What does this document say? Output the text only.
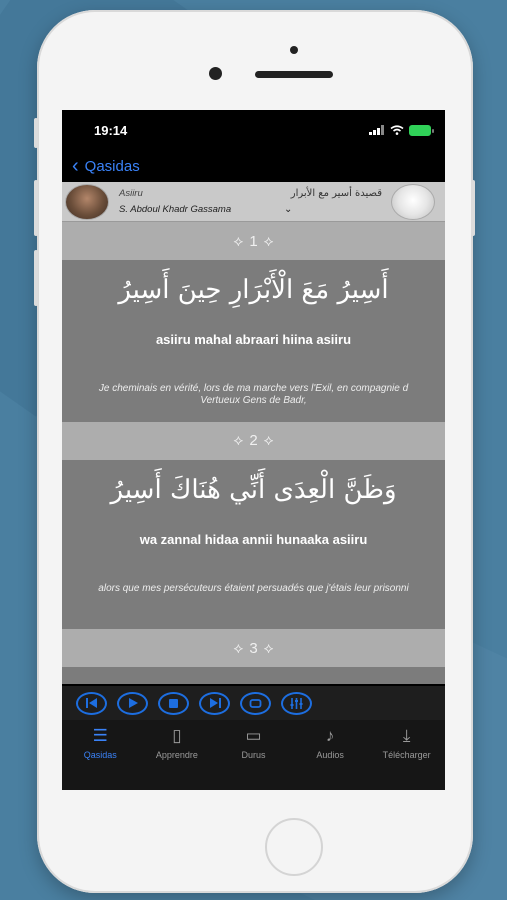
19:14
‹ Qasidas
Asiiru
S. Abdoul Khadr Gassama	⌄
قصيدة أسير مع الأبرار
⟡ 1 ⟡
أَسِيرُ مَعَ الْأَبْرَارِ حِينَ أَسِيرُ
asiiru mahal abraari hiina asiiru
Je cheminais en vérité, lors de ma marche vers l'Exil, en compagnie d
Vertueux Gens de Badr,
⟡ 2 ⟡
وَظَنَّ الْعِدَى أَنِّي هُنَاكَ أَسِيرُ
wa zannal hidaa annii hunaaka asiiru
alors que mes persécuteurs étaient persuadés que j'étais leur prisonni
⟡ 3 ⟡
☰
Qasidas
▯
Apprendre
▭
Durus
♪
Audios
⤓
Télécharger
